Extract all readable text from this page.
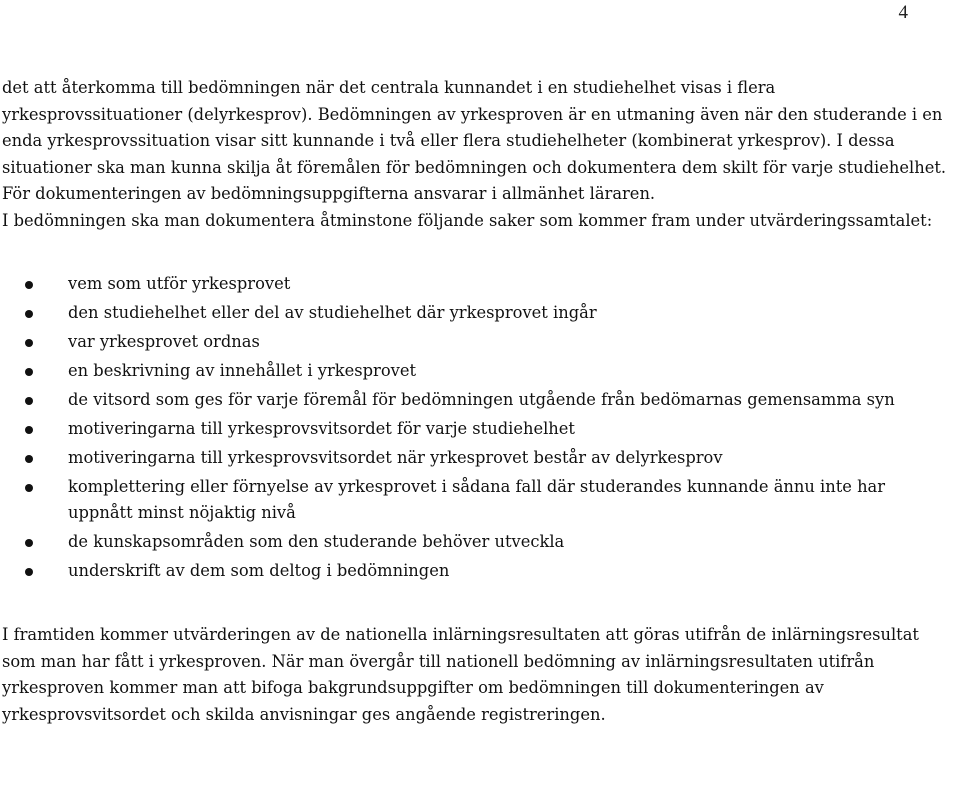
4

det att återkomma till bedömningen när det centrala kunnandet i en studiehelhet visas i flera yrkesprovssituationer (delyrkesprov). Bedömningen av yrkesproven är en utmaning även när den studerande i en enda yrkesprovssituation visar sitt kunnande i två eller flera studiehelheter (kombinerat yrkesprov). I dessa situationer ska man kunna skilja åt föremålen för bedömningen och dokumentera dem skilt för varje studiehelhet. För dokumenteringen av bedömningsuppgifterna ansvarar i allmänhet läraren.

I bedömningen ska man dokumentera åtminstone följande saker som kommer fram under utvärderingssamtalet:

vem som utför yrkesprovet
den studiehelhet eller del av studiehelhet där yrkesprovet ingår
var yrkesprovet ordnas
en beskrivning av innehållet i yrkesprovet
de vitsord som ges för varje föremål för bedömningen utgående från bedömarnas gemensamma syn
motiveringarna till yrkesprovsvitsordet för varje studiehelhet
motiveringarna till yrkesprovsvitsordet när yrkesprovet består av delyrkesprov
komplettering eller förnyelse av yrkesprovet i sådana fall där studerandes kunnande ännu inte har uppnått minst nöjaktig nivå
de kunskapsområden som den studerande behöver utveckla
underskrift av dem som deltog i bedömningen

I framtiden kommer utvärderingen av de nationella inlärningsresultaten att göras utifrån de inlärningsresultat som man har fått i yrkesproven. När man övergår till nationell bedömning av inlärningsresultaten utifrån yrkesproven kommer man att bifoga bakgrundsuppgifter om bedömningen till dokumenteringen av yrkesprovsvitsordet och skilda anvisningar ges angående registreringen.
